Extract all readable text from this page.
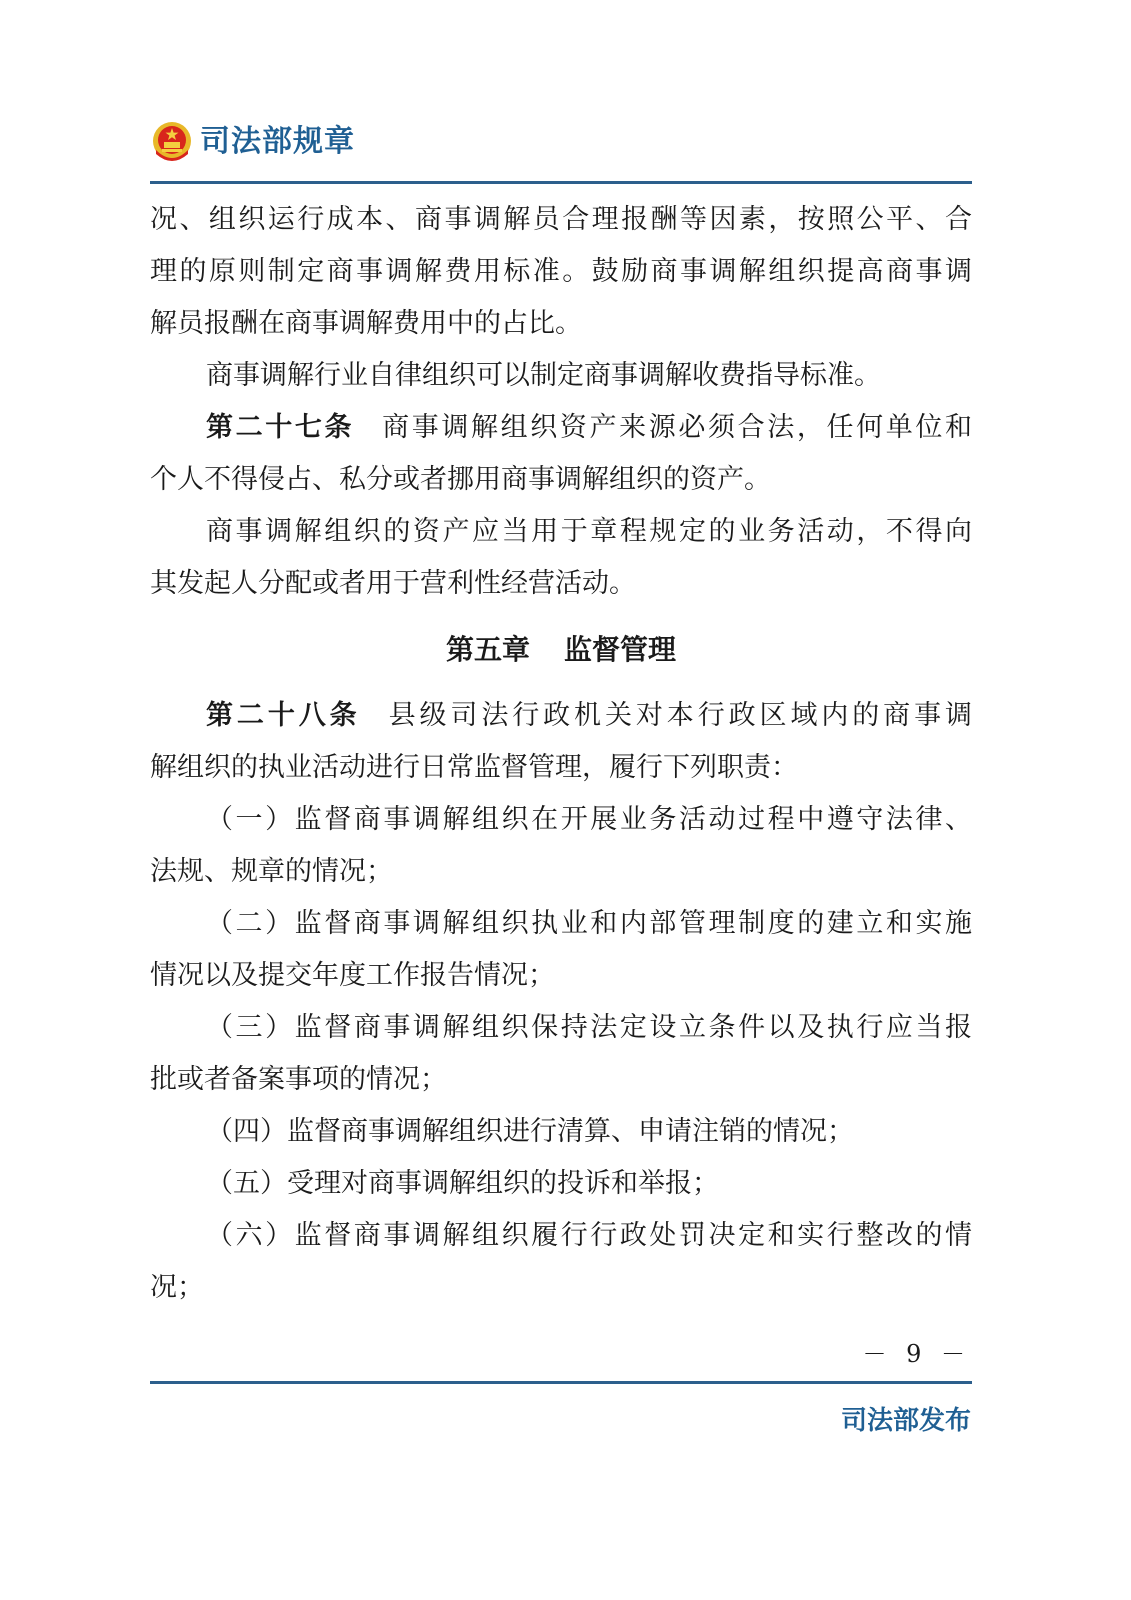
司法部规章

况、组织运行成本、商事调解员合理报酬等因素，按照公平、合

理的原则制定商事调解费用标准。鼓励商事调解组织提高商事调

解员报酬在商事调解费用中的占比。

商事调解行业自律组织可以制定商事调解收费指导标准。

第二十七条 商事调解组织资产来源必须合法，任何单位和

个人不得侵占、私分或者挪用商事调解组织的资产。

商事调解组织的资产应当用于章程规定的业务活动，不得向

其发起人分配或者用于营利性经营活动。

第五章 监督管理

第二十八条 县级司法行政机关对本行政区域内的商事调

解组织的执业活动进行日常监督管理，履行下列职责：

（一）监督商事调解组织在开展业务活动过程中遵守法律、

法规、规章的情况；

（二）监督商事调解组织执业和内部管理制度的建立和实施

情况以及提交年度工作报告情况；

（三）监督商事调解组织保持法定设立条件以及执行应当报

批或者备案事项的情况；

（四）监督商事调解组织进行清算、申请注销的情况；

（五）受理对商事调解组织的投诉和举报；

（六）监督商事调解组织履行行政处罚决定和实行整改的情

况；

－ 9 －
司法部发布
